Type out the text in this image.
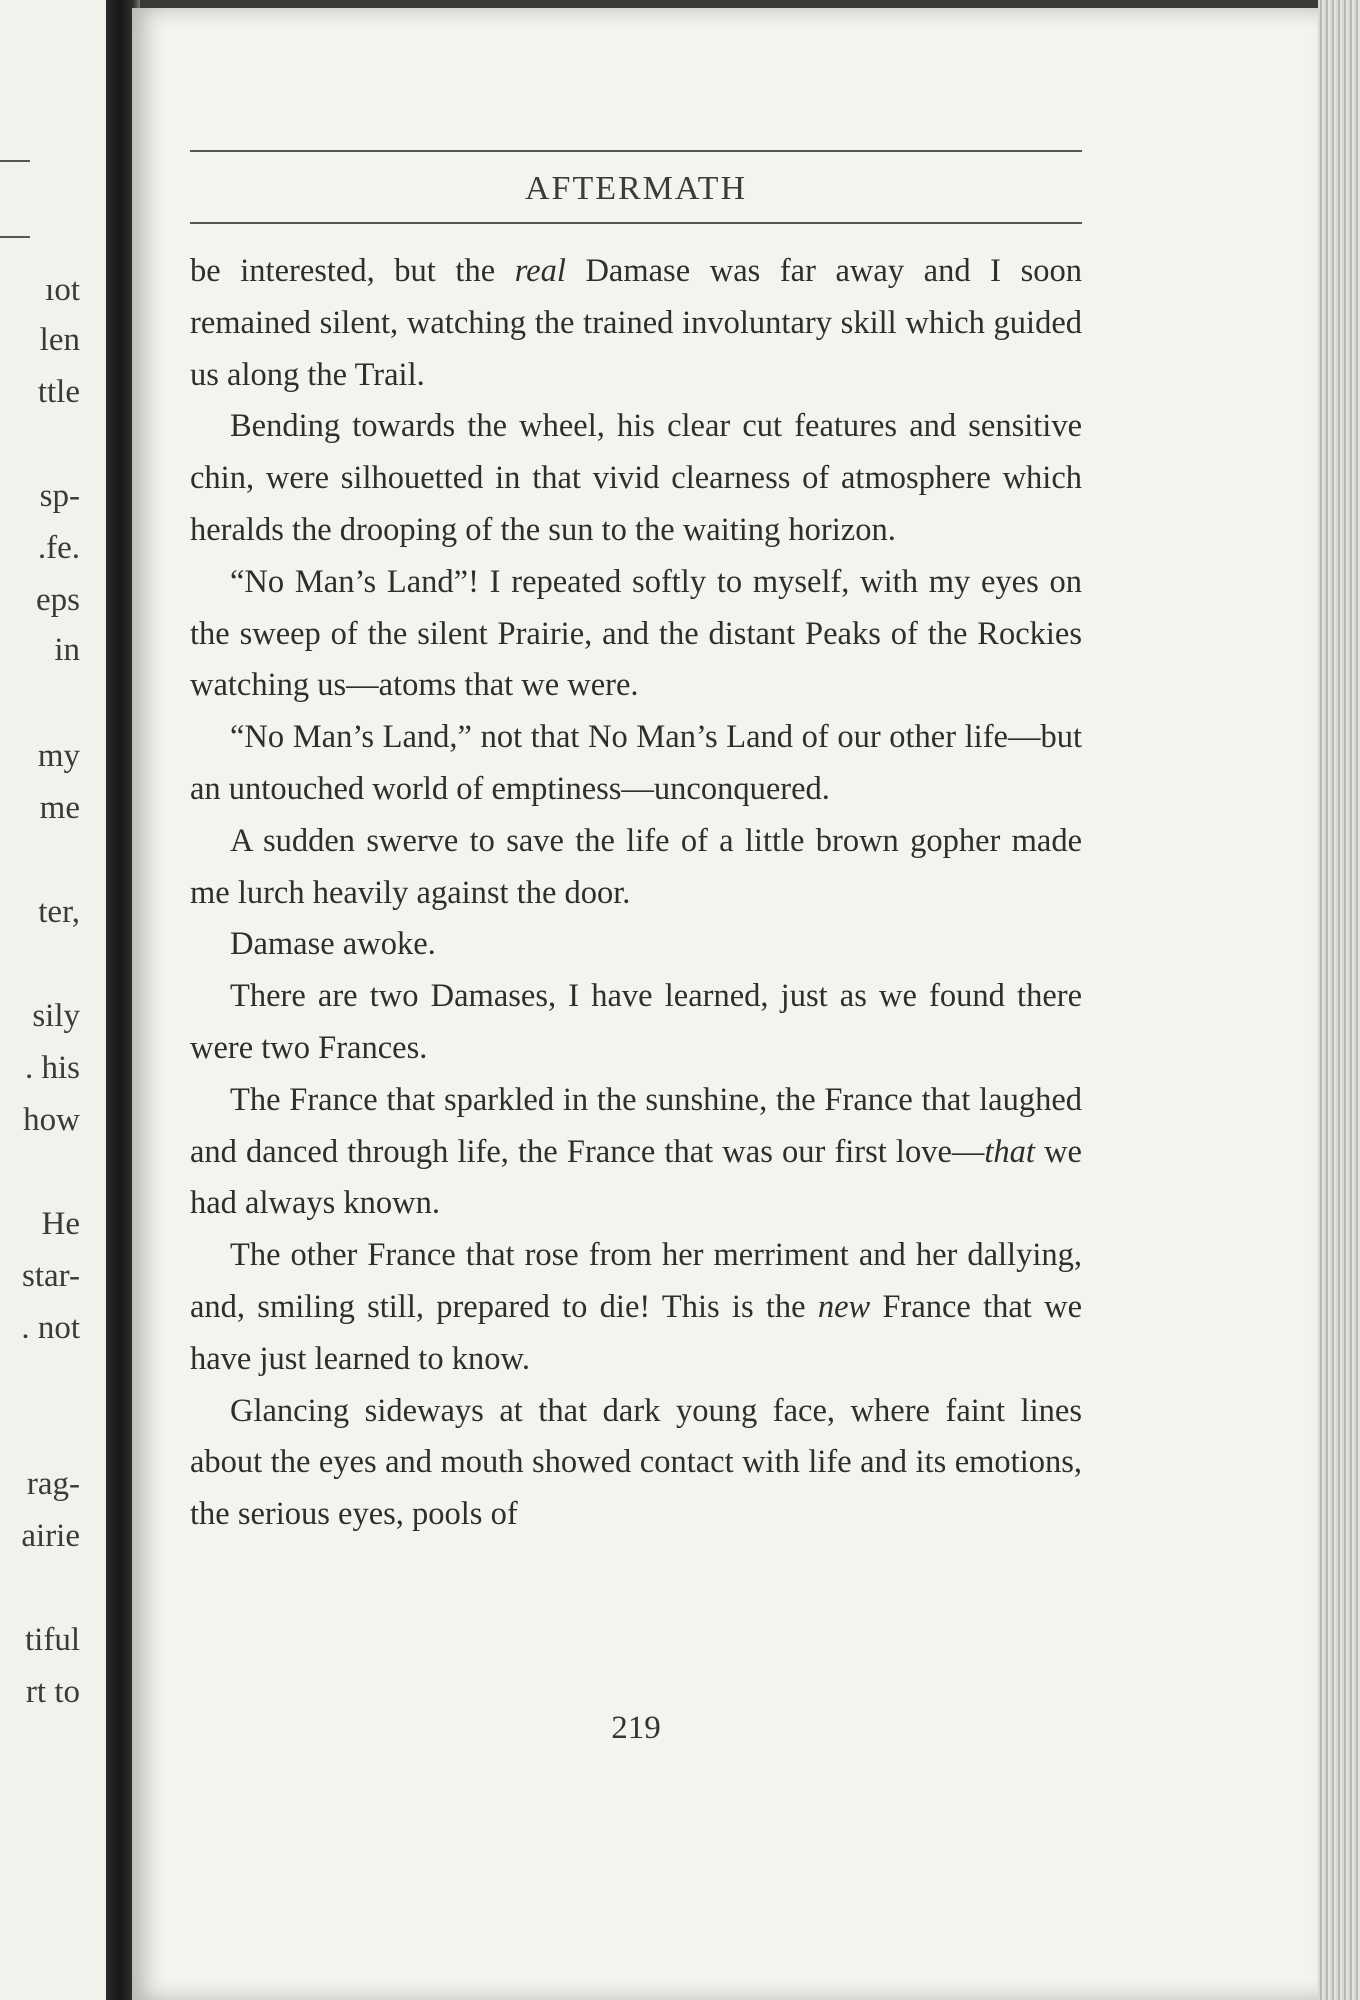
ıot
len
ttle
sp-
.fe.
eps
in
my
me
ter,
sily
. his
how
He
star-
. not
rag-
airie
tiful
rt to
AFTERMATH

be interested, but the real Damase was far away and I soon remained silent, watching the trained involuntary skill which guided us along the Trail.

Bending towards the wheel, his clear cut features and sensitive chin, were silhouetted in that vivid clearness of atmosphere which heralds the drooping of the sun to the waiting horizon.

“No Man’s Land”! I repeated softly to myself, with my eyes on the sweep of the silent Prairie, and the distant Peaks of the Rockies watching us—atoms that we were.

“No Man’s Land,” not that No Man’s Land of our other life—but an untouched world of emptiness—unconquered.

A sudden swerve to save the life of a little brown gopher made me lurch heavily against the door.

Damase awoke.

There are two Damases, I have learned, just as we found there were two Frances.

The France that sparkled in the sunshine, the France that laughed and danced through life, the France that was our first love—that we had always known.

The other France that rose from her merriment and her dallying, and, smiling still, prepared to die! This is the new France that we have just learned to know.

Glancing sideways at that dark young face, where faint lines about the eyes and mouth showed contact with life and its emotions, the serious eyes, pools of

219
